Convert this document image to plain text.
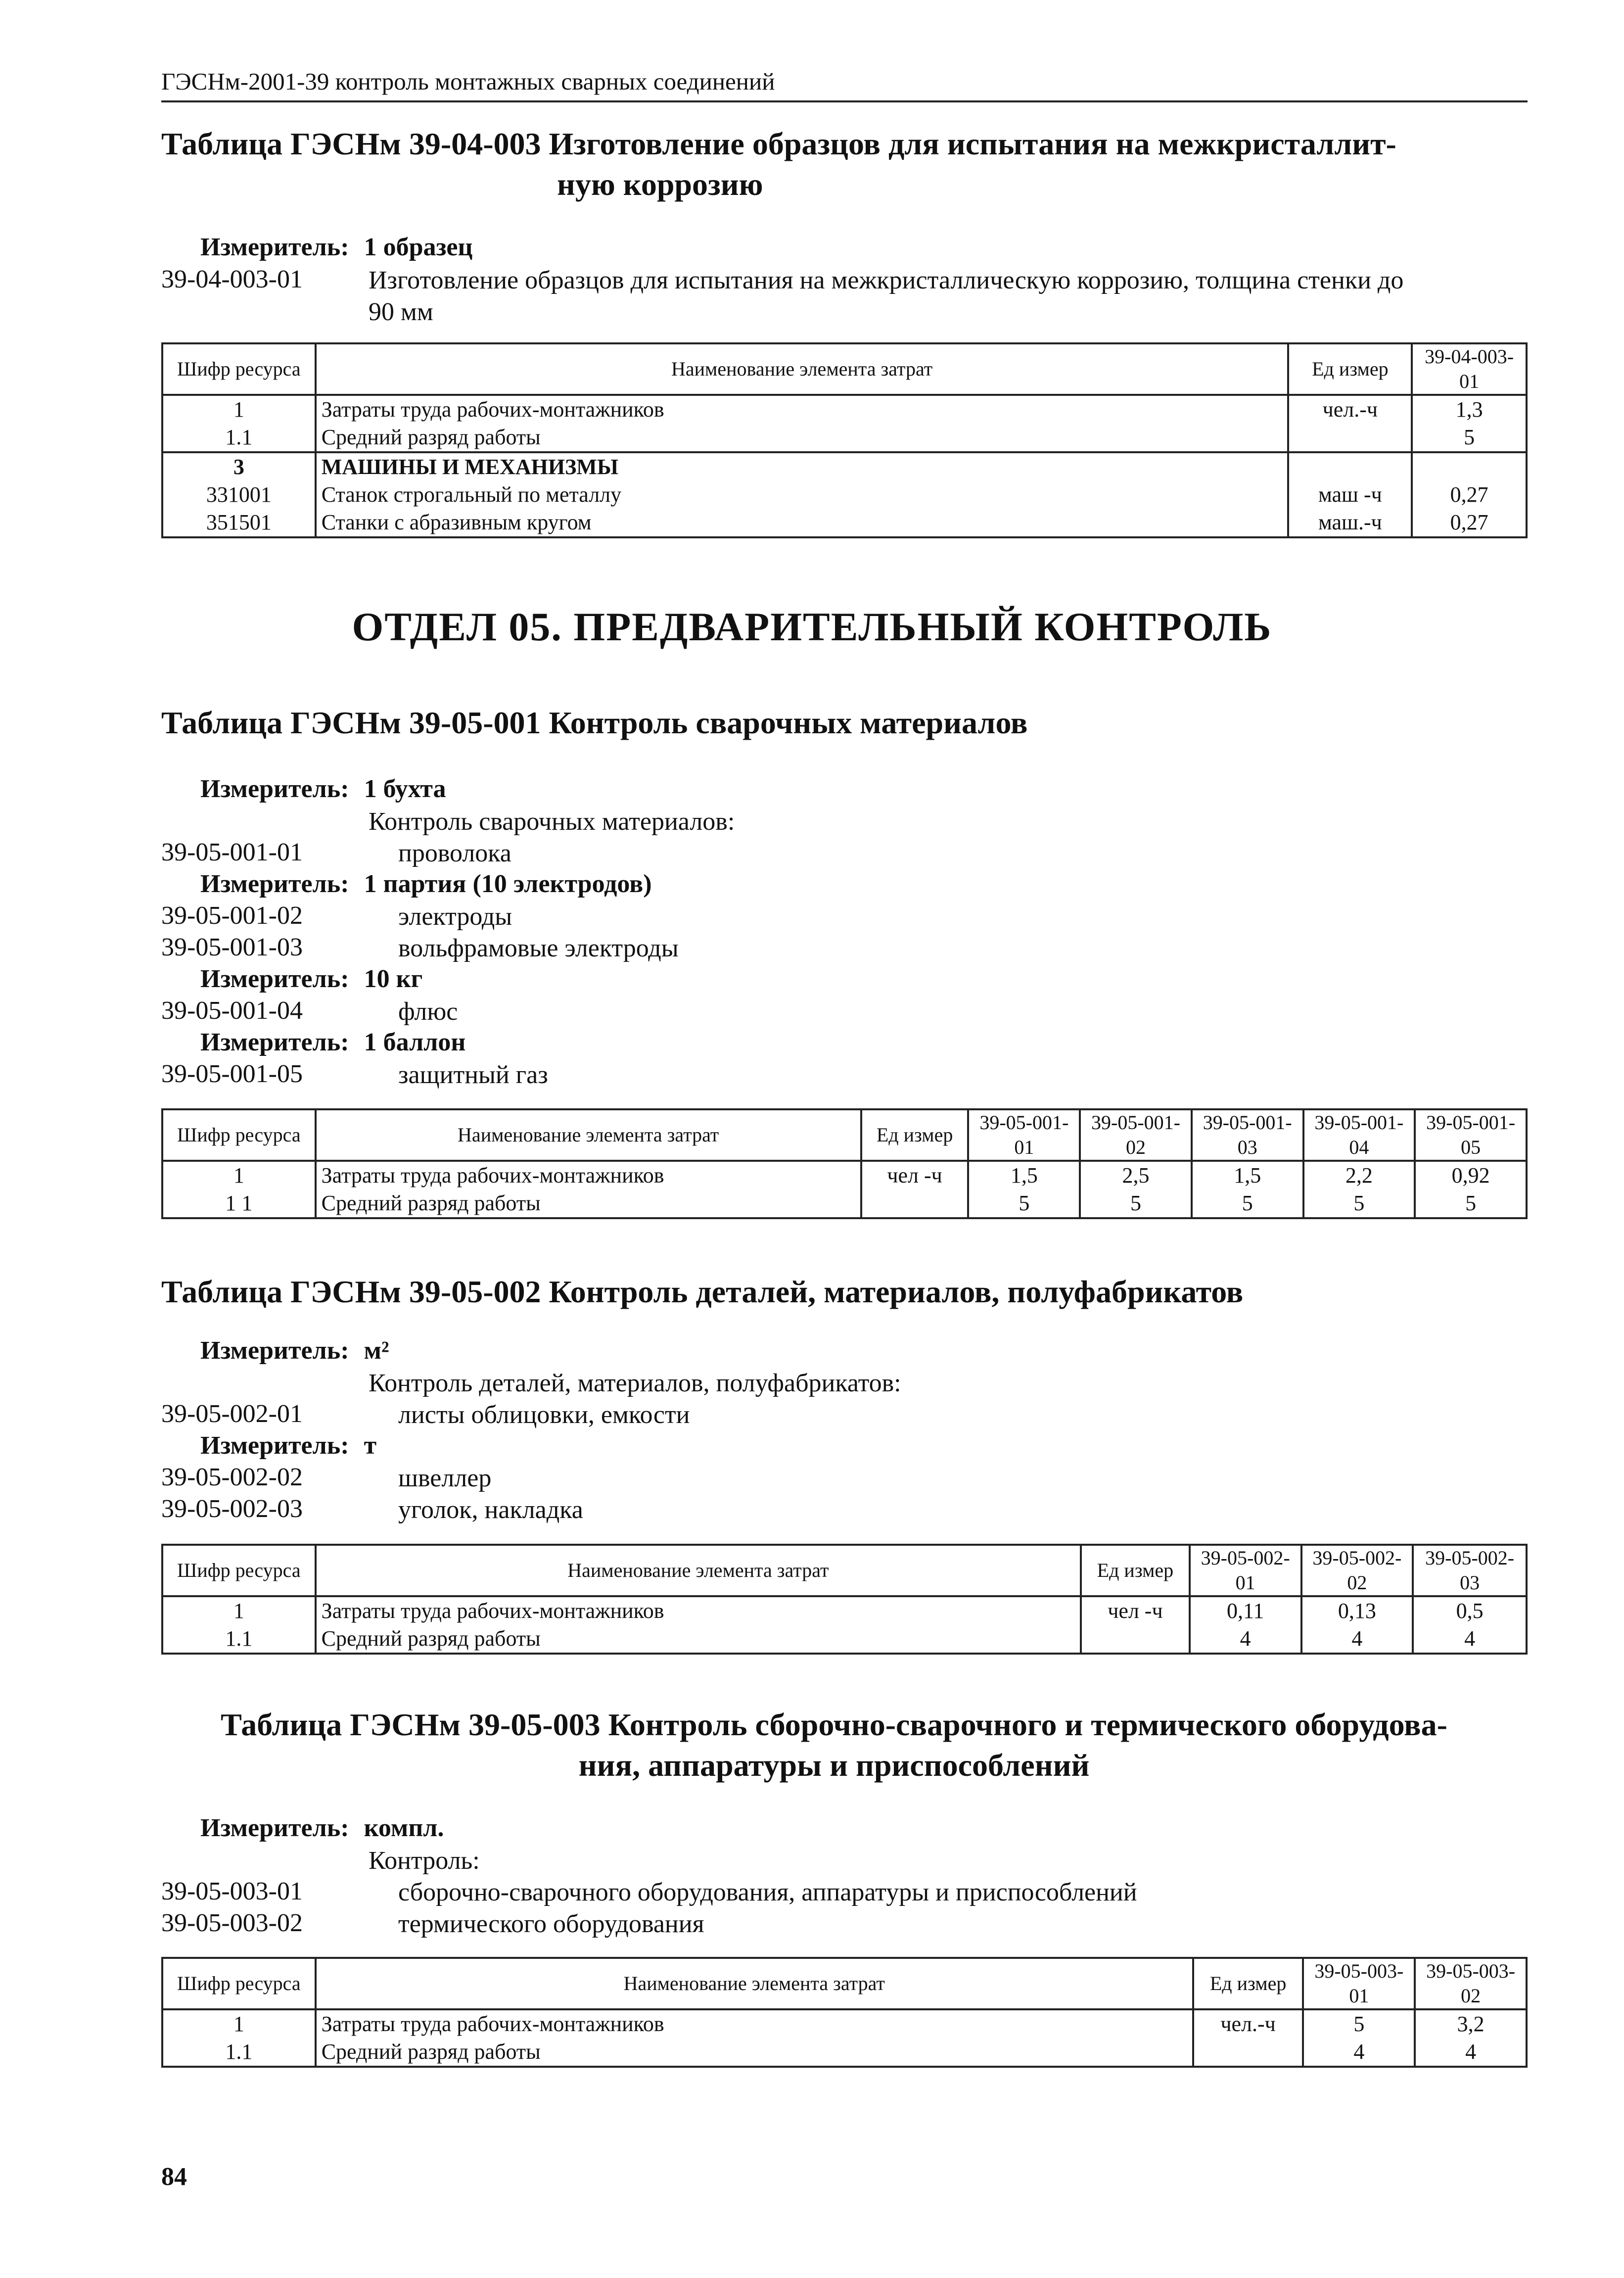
ГЭСНм-2001-39 контроль монтажных сварных соединений
Таблица ГЭСНм 39-04-003 Изготовление образцов для испытания на межкристаллит-
ную коррозию
Измеритель: 1 образец
39-04-003-01	Изготовление образцов для испытания на межкристаллическую коррозию, толщина стенки до
90 мм
Шифр ресурса	Наименование элемента затрат	Ед измер	39-04-003-01
1	Затраты труда рабочих-монтажников	чел.-ч	1,3
1.1	Средний разряд работы		5
3	МАШИНЫ И МЕХАНИЗМЫ		
331001	Станок строгальный по металлу	маш -ч	0,27
351501	Станки с абразивным кругом	маш.-ч	0,27
ОТДЕЛ 05. ПРЕДВАРИТЕЛЬНЫЙ КОНТРОЛЬ
Таблица ГЭСНм 39-05-001 Контроль сварочных материалов
Измеритель: 1 бухта
Контроль сварочных материалов:
39-05-001-01	проволока
Измеритель: 1 партия (10 электродов)
39-05-001-02	электроды
39-05-001-03	вольфрамовые электроды
Измеритель: 10 кг
39-05-001-04	флюс
Измеритель: 1 баллон
39-05-001-05	защитный газ
Шифр ресурса	Наименование элемента затрат	Ед измер	39-05-001-01	39-05-001-02	39-05-001-03	39-05-001-04	39-05-001-05
1	Затраты труда рабочих-монтажников	чел -ч	1,5	2,5	1,5	2,2	0,92
1 1	Средний разряд работы		5	5	5	5	5
Таблица ГЭСНм 39-05-002 Контроль деталей, материалов, полуфабрикатов
Измеритель: м²
Контроль деталей, материалов, полуфабрикатов:
39-05-002-01	листы облицовки, емкости
Измеритель: т
39-05-002-02	швеллер
39-05-002-03	уголок, накладка
Шифр ресурса	Наименование элемента затрат	Ед измер	39-05-002-01	39-05-002-02	39-05-002-03
1	Затраты труда рабочих-монтажников	чел -ч	0,11	0,13	0,5
1.1	Средний разряд работы		4	4	4
Таблица ГЭСНм 39-05-003 Контроль сборочно-сварочного и термического оборудова-
ния, аппаратуры и приспособлений
Измеритель: компл.
Контроль:
39-05-003-01	сборочно-сварочного оборудования, аппаратуры и приспособлений
39-05-003-02	термического оборудования
Шифр ресурса	Наименование элемента затрат	Ед измер	39-05-003-01	39-05-003-02
1	Затраты труда рабочих-монтажников	чел.-ч	5	3,2
1.1	Средний разряд работы		4	4
84
